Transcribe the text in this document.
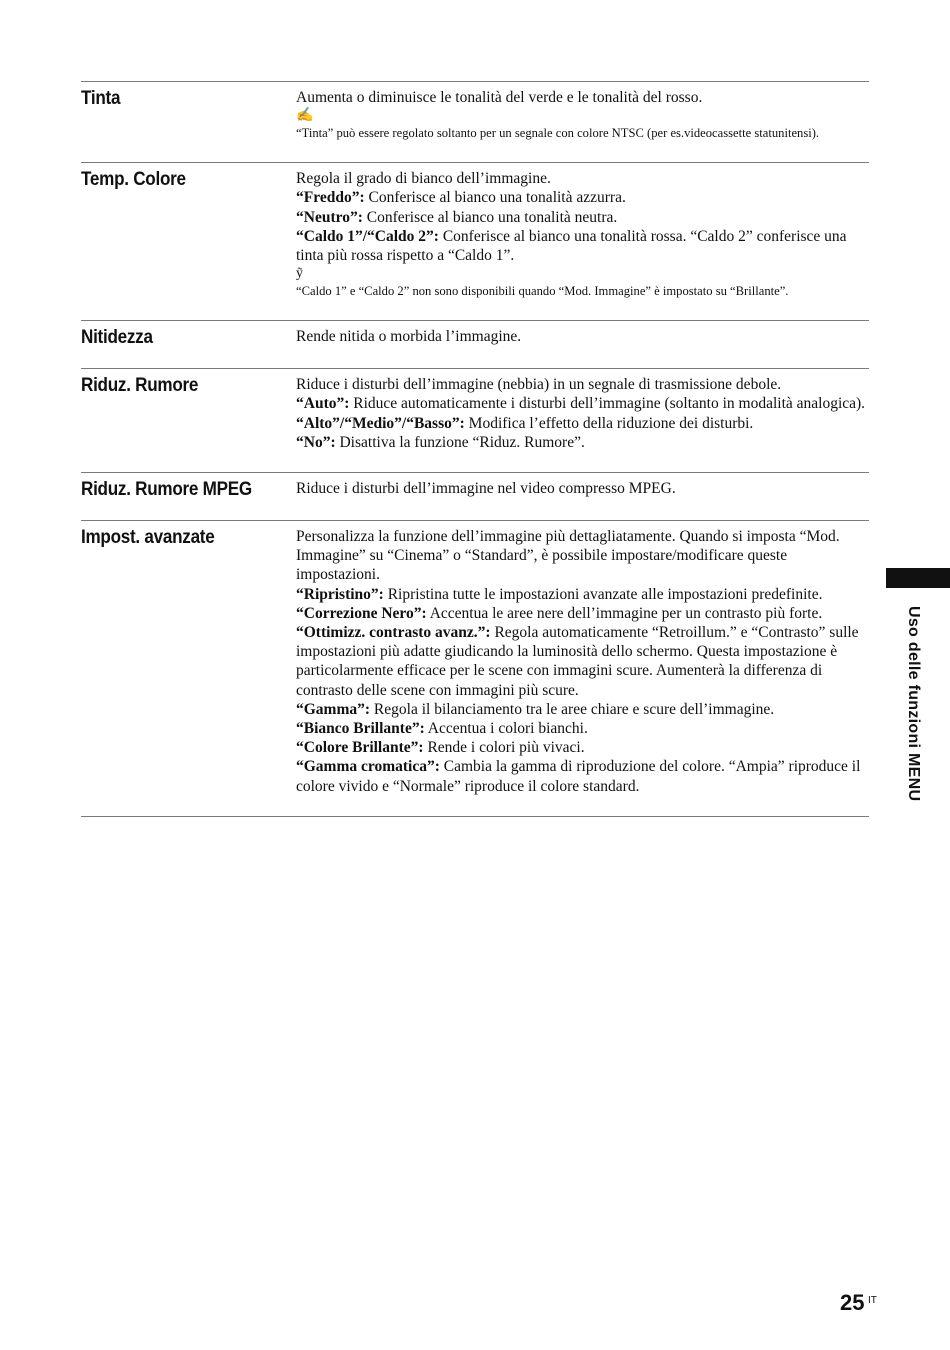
Tinta	Aumenta o diminuisce le tonalità del verde e le tonalità del rosso.

✍

“Tinta” può essere regolato soltanto per un segnale con colore NTSC (per es.videocassette statunitensi).

Temp. Colore	Regola il grado di bianco dell’immagine.

“Freddo”: Conferisce al bianco una tonalità azzurra.

“Neutro”: Conferisce al bianco una tonalità neutra.

“Caldo 1”/“Caldo 2”: Conferisce al bianco una tonalità rossa. “Caldo 2” conferisce una tinta più rossa rispetto a “Caldo 1”.

ỹ

“Caldo 1” e “Caldo 2” non sono disponibili quando “Mod. Immagine” è impostato su “Brillante”.

Nitidezza	Rende nitida o morbida l’immagine.

Riduz. Rumore	Riduce i disturbi dell’immagine (nebbia) in un segnale di trasmissione debole.

“Auto”: Riduce automaticamente i disturbi dell’immagine (soltanto in modalità analogica).

“Alto”/“Medio”/“Basso”: Modifica l’effetto della riduzione dei disturbi.

“No”: Disattiva la funzione “Riduz. Rumore”.

Riduz. Rumore MPEG	Riduce i disturbi dell’immagine nel video compresso MPEG.

Impost. avanzate	Personalizza la funzione dell’immagine più dettagliatamente. Quando si imposta “Mod. Immagine” su “Cinema” o “Standard”, è possibile impostare/modificare queste impostazioni.

“Ripristino”: Ripristina tutte le impostazioni avanzate alle impostazioni predefinite.

“Correzione Nero”: Accentua le aree nere dell’immagine per un contrasto più forte.

“Ottimizz. contrasto avanz.”: Regola automaticamente “Retroillum.” e “Contrasto” sulle impostazioni più adatte giudicando la luminosità dello schermo. Questa impostazione è particolarmente efficace per le scene con immagini scure. Aumenterà la differenza di contrasto delle scene con immagini più scure.

“Gamma”: Regola il bilanciamento tra le aree chiare e scure dell’immagine.

“Bianco Brillante”: Accentua i colori bianchi.

“Colore Brillante”: Rende i colori più vivaci.

“Gamma cromatica”: Cambia la gamma di riproduzione del colore. “Ampia” riproduce il colore vivido e “Normale” riproduce il colore standard.	Uso delle funzioni MENU
25 IT
